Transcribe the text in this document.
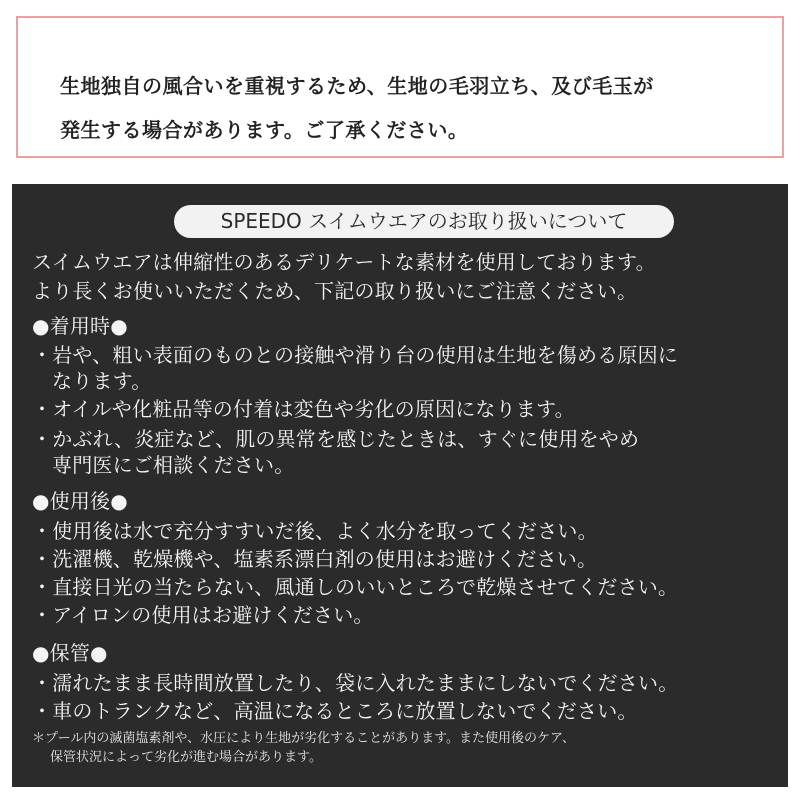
生地独自の風合いを重視するため、生地の毛羽立ち、及び毛玉が
発生する場合があります。ご了承ください。
SPEEDO スイムウエアのお取り扱いについて
スイムウエアは伸縮性のあるデリケートな素材を使用しております。
より長くお使いいただくため、下記の取り扱いにご注意ください。
●着用時●
・岩や、粗い表面のものとの接触や滑り台の使用は生地を傷める原因に
なります。
・オイルや化粧品等の付着は変色や劣化の原因になります。
・かぶれ、炎症など、肌の異常を感じたときは、すぐに使用をやめ
専門医にご相談ください。
●使用後●
・使用後は水で充分すすいだ後、よく水分を取ってください。
・洗濯機、乾燥機や、塩素系漂白剤の使用はお避けください。
・直接日光の当たらない、風通しのいいところで乾燥させてください。
・アイロンの使用はお避けください。
●保管●
・濡れたまま長時間放置したり、袋に入れたままにしないでください。
・車のトランクなど、高温になるところに放置しないでください。
＊プール内の滅菌塩素剤や、水圧により生地が劣化することがあります。また使用後のケア、
保管状況によって劣化が進む場合があります。
